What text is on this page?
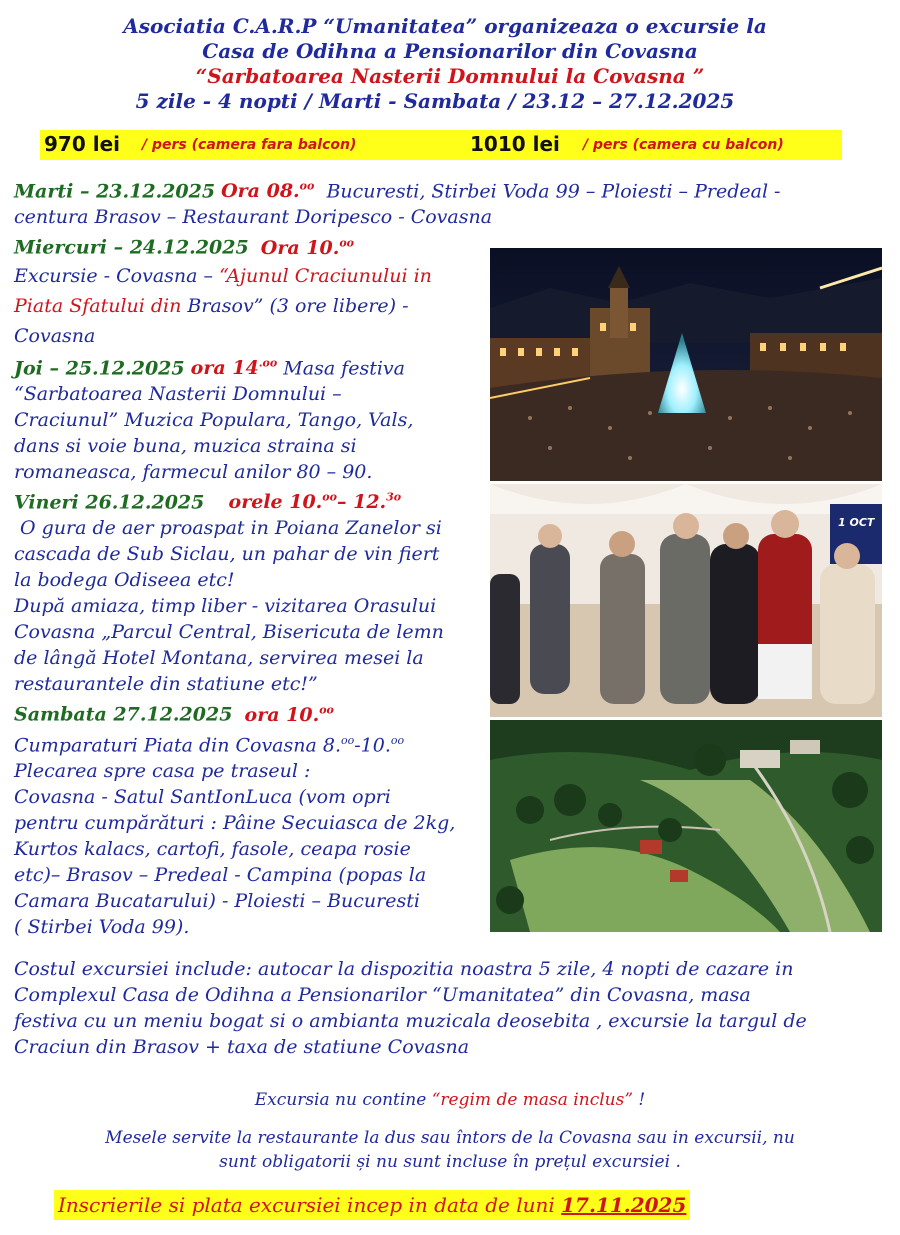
Asociatia C.A.R.P “Umanitatea” organizeaza o excursie la
Casa de Odihna a Pensionarilor din Covasna
“Sarbatoarea Nasterii Domnului la Covasna ”
5 zile - 4 nopti / Marti - Sambata / 23.12 – 27.12.2025
970 lei / pers (camera fara balcon)	1010 lei / pers (camera cu balcon)
Marti – 23.12.2025 Ora 08.$^{oo}$ Bucuresti, Stirbei Voda 99 – Ploiesti – Predeal -
centura Brasov – Restaurant Doripesco - Covasna
Miercuri – 24.12.2025 Ora 10.$^{oo}$
Excursie - Covasna – “Ajunul Craciunului in
Piata Sfatului din Brasov” (3 ore libere) -
Covasna
Joi – 25.12.2025 ora $14^{.oo}$ Masa festiva
“Sarbatoarea Nasterii Domnului –
Craciunul” Muzica Populara, Tango, Vals,
dans si voie buna, muzica straina si
romaneasca, farmecul anilor 80 – 90.
Vineri 26.12.2025 orele 10.$^{oo}$– 12.$^{3o}$
O gura de aer proaspat in Poiana Zanelor si
cascada de Sub Siclau, un pahar de vin fiert
la bodega Odiseea etc!
După amiaza, timp liber - vizitarea Orasului
Covasna „Parcul Central, Bisericuta de lemn
de lângă Hotel Montana, servirea mesei la
restaurantele din statiune etc!”
Sambata 27.12.2025 ora 10.$^{oo}$
Cumparaturi Piata din Covasna 8.$^{oo}$-10.$^{oo}$
Plecarea spre casa pe traseul :
Covasna - Satul SantIonLuca (vom opri
pentru cumpărături : Pâine Secuiasca de 2kg,
Kurtos kalacs, cartofi, fasole, ceapa rosie
etc)– Brasov – Predeal - Campina (popas la
Camara Bucatarului) - Ploiesti – Bucuresti
( Stirbei Voda 99).
1 OCT
Costul excursiei include: autocar la dispozitia noastra 5 zile, 4 nopti de cazare in
Complexul Casa de Odihna a Pensionarilor “Umanitatea” din Covasna, masa
festiva cu un meniu bogat si o ambianta muzicala deosebita , excursie la targul de
Craciun din Brasov + taxa de statiune Covasna
Excursia nu contine “regim de masa inclus” !
Mesele servite la restaurante la dus sau întors de la Covasna sau in excursii, nu
sunt obligatorii și nu sunt incluse în prețul excursiei .
Inscrierile si plata excursiei incep in data de luni 17.11.2025
